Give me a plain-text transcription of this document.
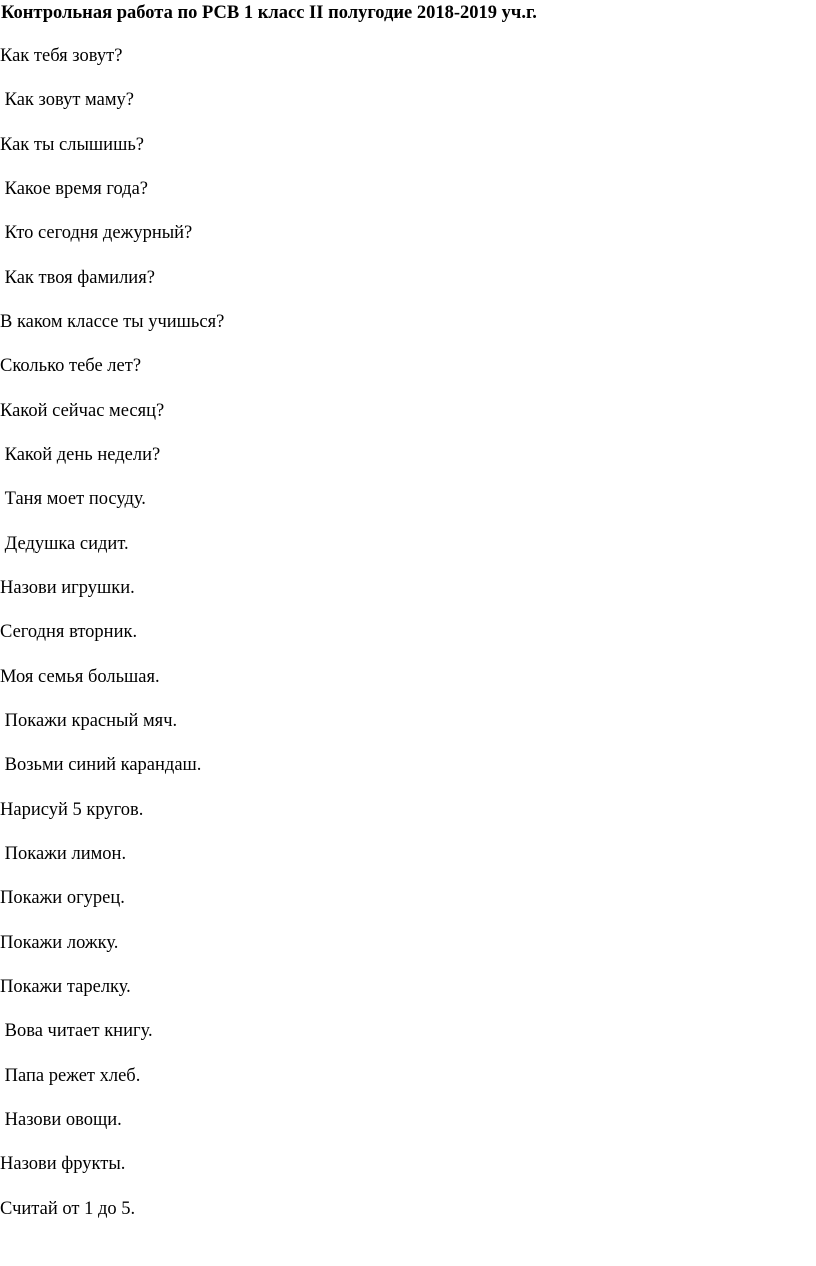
Контрольная работа по РСВ 1 класс II полугодие 2018-2019 уч.г.
Как тебя зовут?
Как зовут маму?
Как ты слышишь?
Какое время года?
Кто сегодня дежурный?
Как твоя фамилия?
В каком классе ты учишься?
Сколько тебе лет?
Какой сейчас месяц?
Какой день недели?
Таня моет посуду.
Дедушка сидит.
Назови игрушки.
Сегодня вторник.
Моя семья большая.
Покажи красный мяч.
Возьми синий карандаш.
Нарисуй 5 кругов.
Покажи лимон.
Покажи огурец.
Покажи ложку.
Покажи тарелку.
Вова читает книгу.
Папа режет хлеб.
Назови овощи.
Назови фрукты.
Считай от 1 до 5.
